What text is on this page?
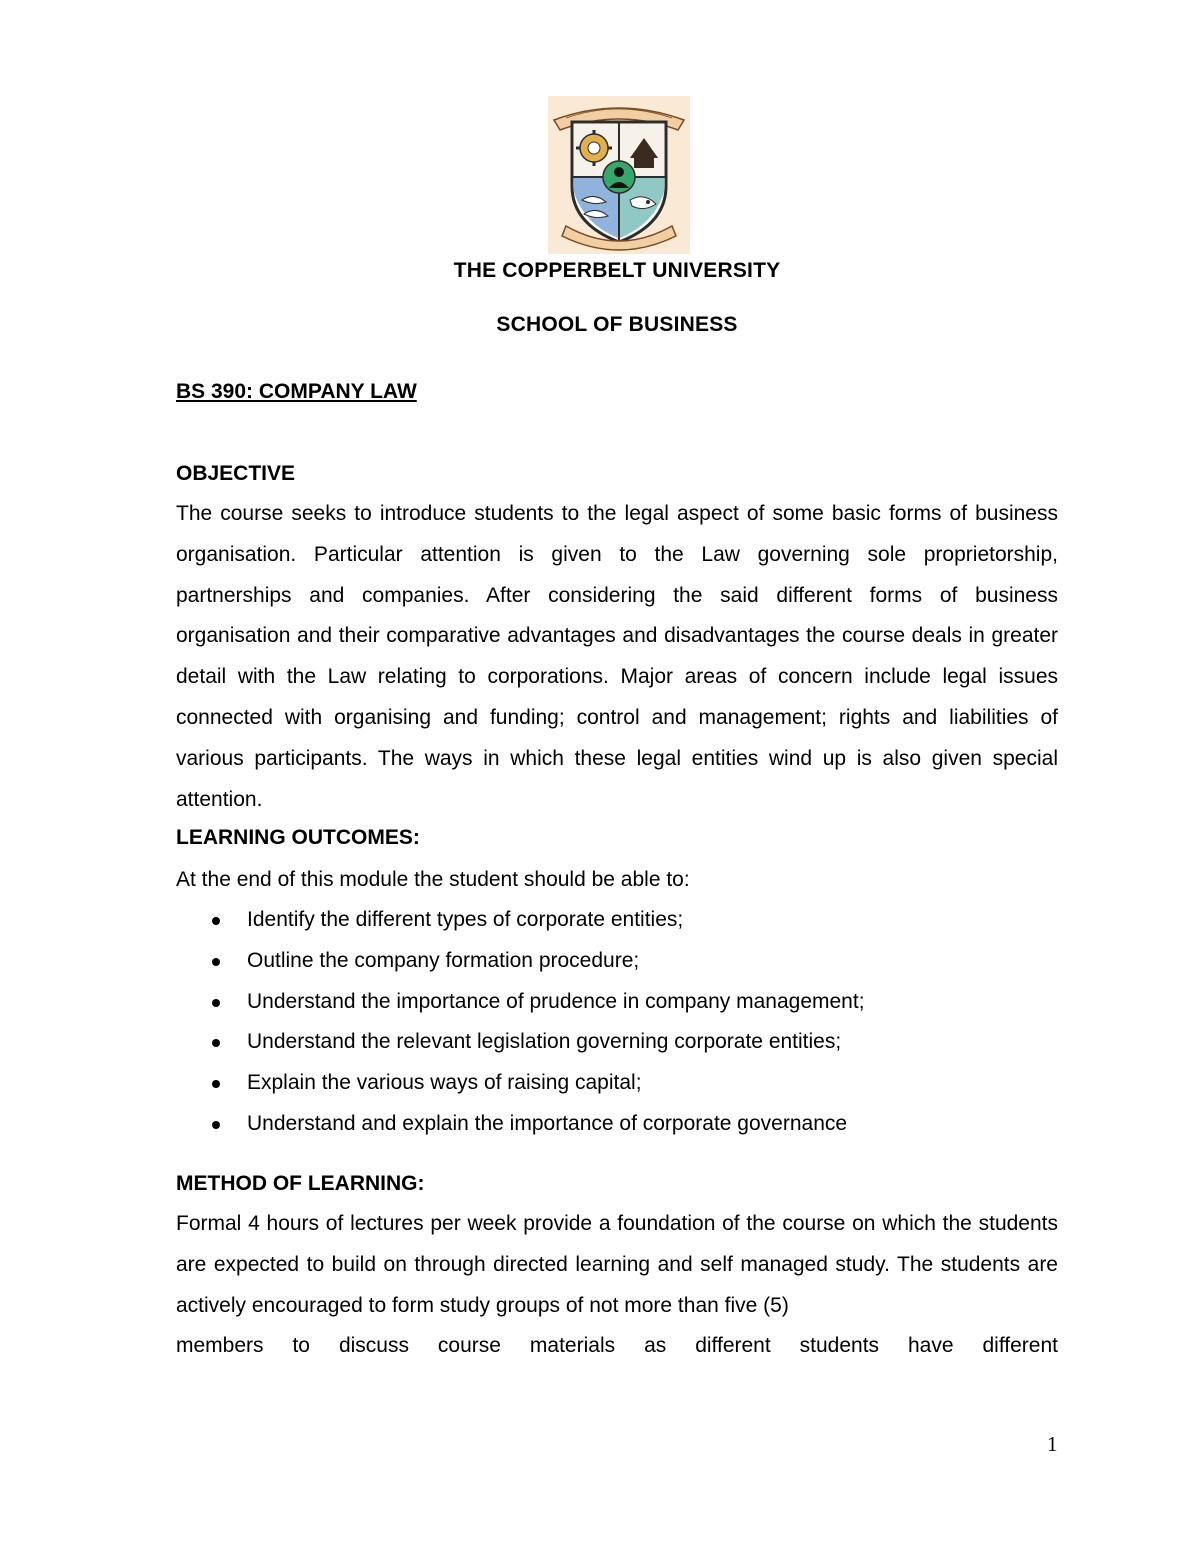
THE COPPERBELT UNIVERSITY
SCHOOL OF BUSINESS
BS 390: COMPANY LAW
OBJECTIVE

The course seeks to introduce students to the legal aspect of some basic forms of business organisation. Particular attention is given to the Law governing sole proprietorship, partnerships and companies. After considering the said different forms of business organisation and their comparative advantages and disadvantages the course deals in greater detail with the Law relating to corporations. Major areas of concern include legal issues connected with organising and funding; control and management; rights and liabilities of various participants. The ways in which these legal entities wind up is also given special attention.

LEARNING OUTCOMES:

At the end of this module the student should be able to:

Identify the different types of corporate entities;
Outline the company formation procedure;
Understand the importance of prudence in company management;
Understand the relevant legislation governing corporate entities;
Explain the various ways of raising capital;
Understand and explain the importance of corporate governance
METHOD OF LEARNING:

Formal 4 hours of lectures per week provide a foundation of the course on which the students are expected to build on through directed learning and self managed study. The students are actively encouraged to form study groups of not more than five (5)
members to discuss course materials as different students have different

1
